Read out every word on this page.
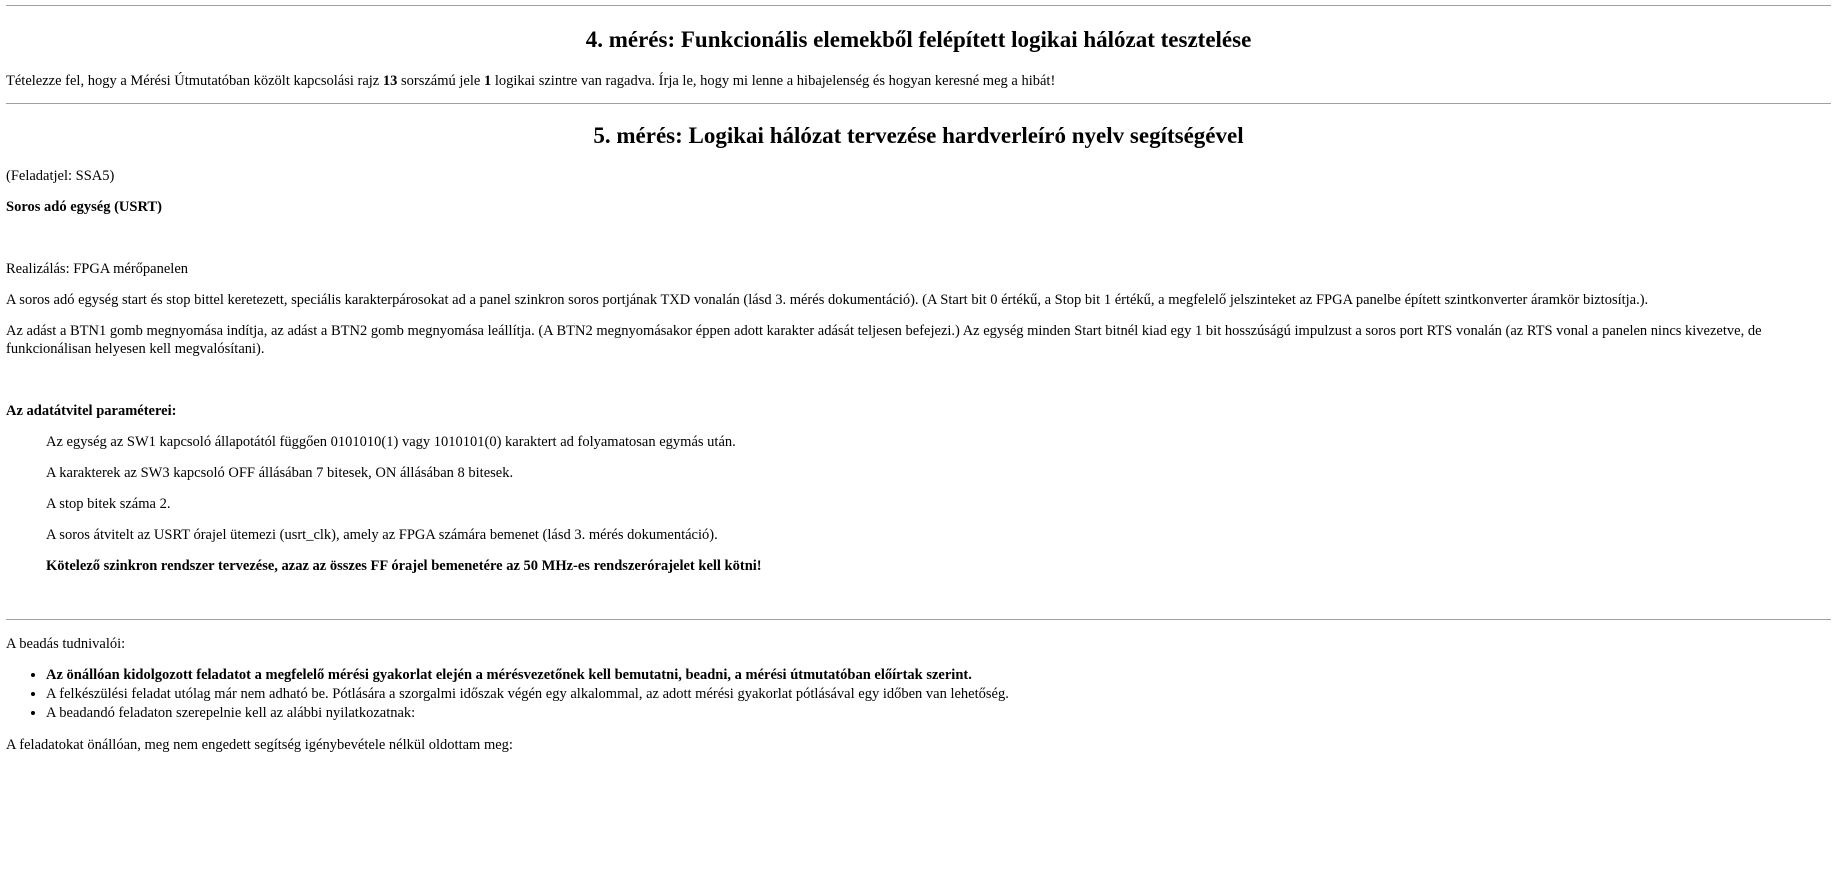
4. mérés: Funkcionális elemekből felépített logikai hálózat tesztelése

Tételezze fel, hogy a Mérési Útmutatóban közölt kapcsolási rajz 13 sorszámú jele 1 logikai szintre van ragadva. Írja le, hogy mi lenne a hibajelenség és hogyan keresné meg a hibát!

5. mérés: Logikai hálózat tervezése hardverleíró nyelv segítségével

(Feladatjel: SSA5)

Soros adó egység (USRT)

Realizálás: FPGA mérőpanelen

A soros adó egység start és stop bittel keretezett, speciális karakterpárosokat ad a panel szinkron soros portjának TXD vonalán (lásd 3. mérés dokumentáció). (A Start bit 0 értékű, a Stop bit 1 értékű, a megfelelő jelszinteket az FPGA panelbe épített szintkonverter áramkör biztosítja.).

Az adást a BTN1 gomb megnyomása indítja, az adást a BTN2 gomb megnyomása leállítja. (A BTN2 megnyomásakor éppen adott karakter adását teljesen befejezi.) Az egység minden Start bitnél kiad egy 1 bit hosszúságú impulzust a soros port RTS vonalán (az RTS vonal a panelen nincs kivezetve, de funkcionálisan helyesen kell megvalósítani).

Az adatátvitel paraméterei:

Az egység az SW1 kapcsoló állapotától függően 0101010(1) vagy 1010101(0) karaktert ad folyamatosan egymás után.

A karakterek az SW3 kapcsoló OFF állásában 7 bitesek, ON állásában 8 bitesek.

A stop bitek száma 2.

A soros átvitelt az USRT órajel ütemezi (usrt_clk), amely az FPGA számára bemenet (lásd 3. mérés dokumentáció).

Kötelező szinkron rendszer tervezése, azaz az összes FF órajel bemenetére az 50 MHz-es rendszerórajelet kell kötni!

A beadás tudnivalói:

• Az önállóan kidolgozott feladatot a megfelelő mérési gyakorlat elején a mérésvezetőnek kell bemutatni, beadni, a mérési útmutatóban előírtak szerint.
• A felkészülési feladat utólag már nem adható be. Pótlására a szorgalmi időszak végén egy alkalommal, az adott mérési gyakorlat pótlásával egy időben van lehetőség.
• A beadandó feladaton szerepelnie kell az alábbi nyilatkozatnak:

A feladatokat önállóan, meg nem engedett segítség igénybevétele nélkül oldottam meg:
